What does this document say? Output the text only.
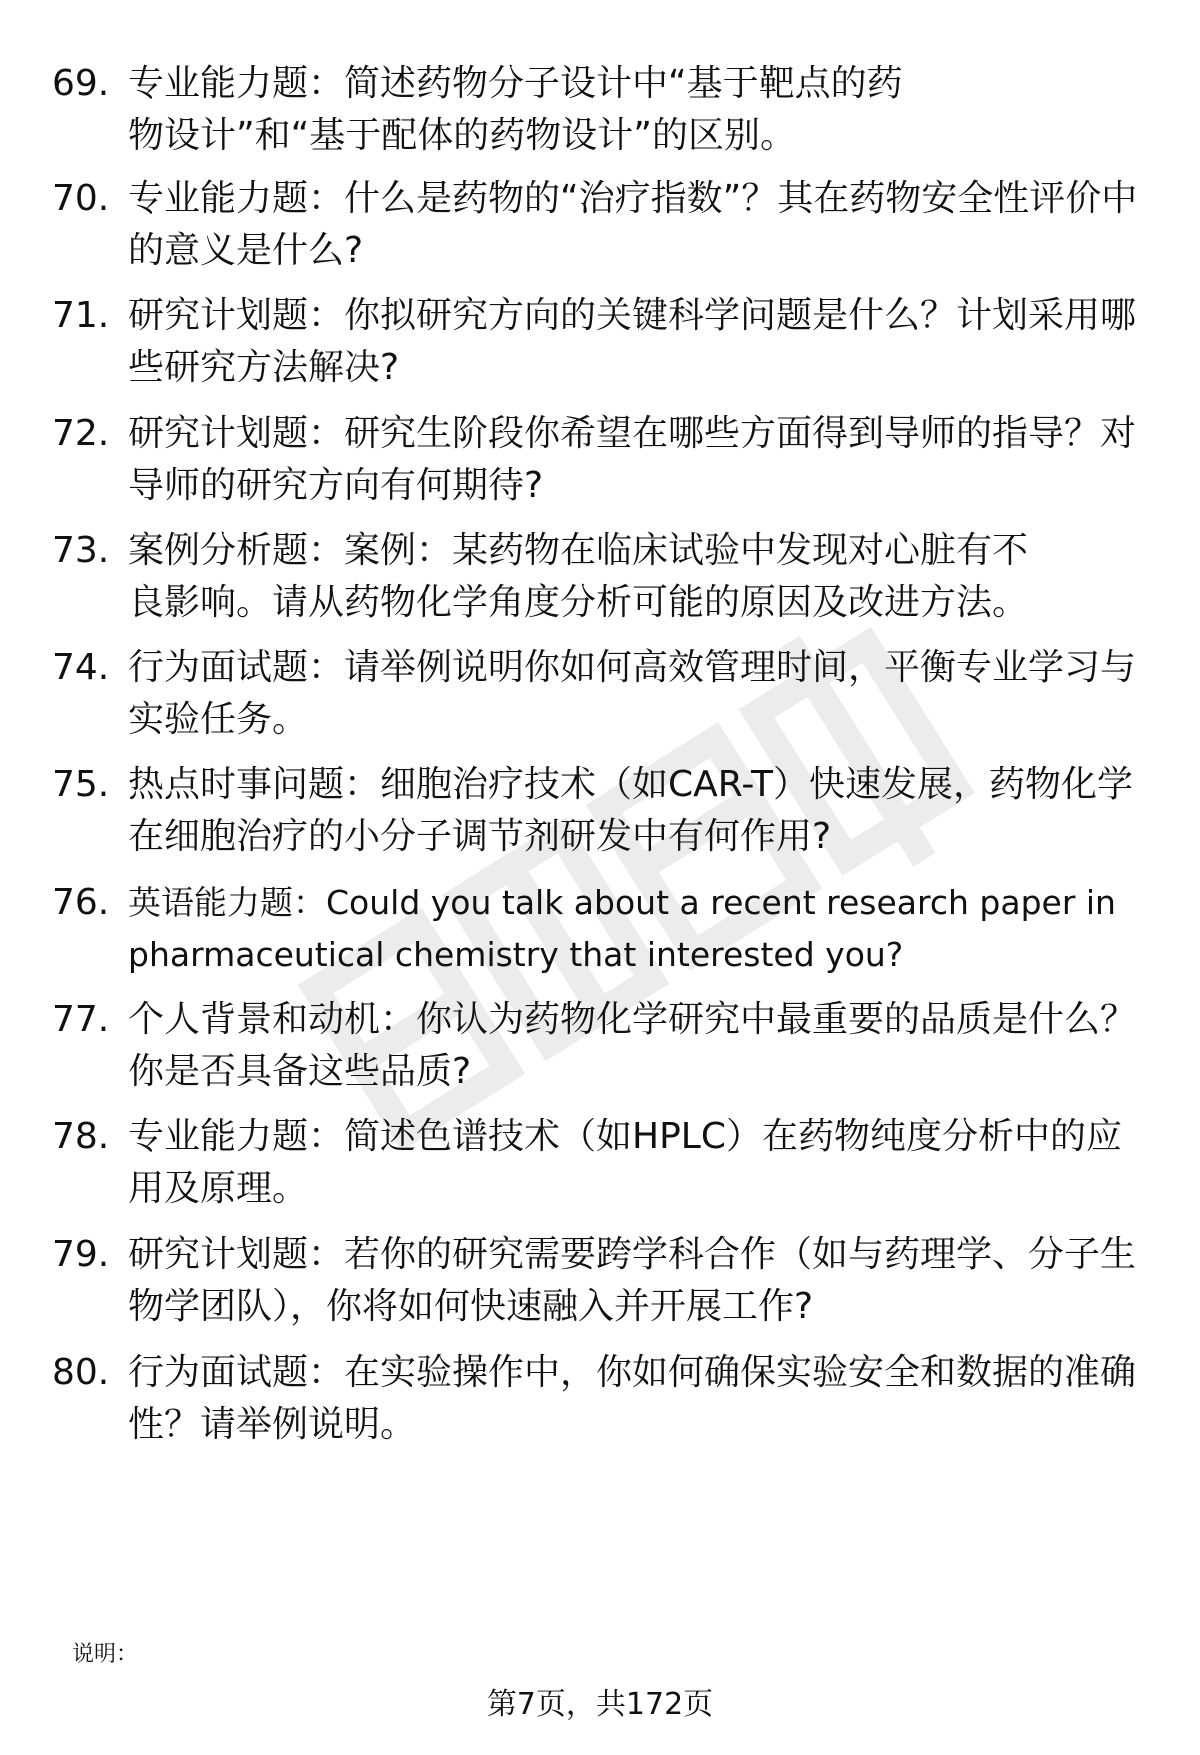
69. 专业能力题：简述药物分子设计中“基于靶点的药物设计”和“基于配体的药物设计”的区别。
70. 专业能力题：什么是药物的“治疗指数”？其在药物安全性评价中的意义是什么?
71. 研究计划题：你拟研究方向的关键科学问题是什么？计划采用哪些研究方法解决?
72. 研究计划题：研究生阶段你希望在哪些方面得到导师的指导？对导师的研究方向有何期待?
73. 案例分析题：案例：某药物在临床试验中发现对心脏有不良影响。请从药物化学角度分析可能的原因及改进方法。
74. 行为面试题：请举例说明你如何高效管理时间，平衡专业学习与实验任务。
75. 热点时事问题：细胞治疗技术（如CAR-T）快速发展，药物化学在细胞治疗的小分子调节剂研发中有何作用?
76. 英语能力题：Could you talk about a recent research paper in pharmaceutical chemistry that interested you?
77. 个人背景和动机：你认为药物化学研究中最重要的品质是什么？你是否具备这些品质?
78. 专业能力题：简述色谱技术（如HPLC）在药物纯度分析中的应用及原理。
79. 研究计划题：若你的研究需要跨学科合作（如与药理学、分子生物学团队），你将如何快速融入并开展工作?
80. 行为面试题：在实验操作中，你如何确保实验安全和数据的准确性？请举例说明。
说明：
第7页，共172页
